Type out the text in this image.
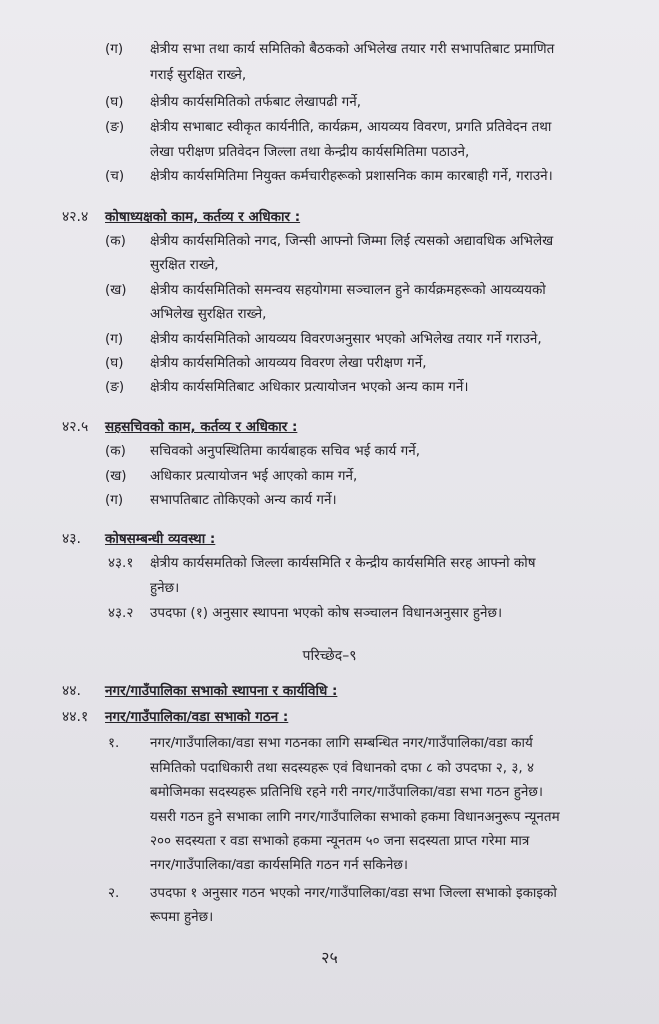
(ग) क्षेत्रीय सभा तथा कार्य समितिको बैठकको अभिलेख तयार गरी सभापतिबाट प्रमाणित
गराई सुरक्षित राख्ने,
(घ) क्षेत्रीय कार्यसमितिको तर्फबाट लेखापढी गर्ने,
(ङ) क्षेत्रीय सभाबाट स्वीकृत कार्यनीति, कार्यक्रम, आयव्यय विवरण, प्रगति प्रतिवेदन तथा
लेखा परीक्षण प्रतिवेदन जिल्ला तथा केन्द्रीय कार्यसमितिमा पठाउने,
(च) क्षेत्रीय कार्यसमितिमा नियुक्त कर्मचारीहरूको प्रशासनिक काम कारबाही गर्ने, गराउने।
४२.४ कोषाध्यक्षको काम, कर्तव्य र अधिकार :
(क) क्षेत्रीय कार्यसमितिको नगद, जिन्सी आफ्नो जिम्मा लिई त्यसको अद्यावधिक अभिलेख
सुरक्षित राख्ने,
(ख) क्षेत्रीय कार्यसमितिको समन्वय सहयोगमा सञ्चालन हुने कार्यक्रमहरूको आयव्ययको
अभिलेख सुरक्षित राख्ने,
(ग) क्षेत्रीय कार्यसमितिको आयव्यय विवरणअनुसार भएको अभिलेख तयार गर्ने गराउने,
(घ) क्षेत्रीय कार्यसमितिको आयव्यय विवरण लेखा परीक्षण गर्ने,
(ङ) क्षेत्रीय कार्यसमितिबाट अधिकार प्रत्यायोजन भएको अन्य काम गर्ने।
४२.५ सहसचिवको काम, कर्तव्य र अधिकार :
(क) सचिवको अनुपस्थितिमा कार्यबाहक सचिव भई कार्य गर्ने,
(ख) अधिकार प्रत्यायोजन भई आएको काम गर्ने,
(ग) सभापतिबाट तोकिएको अन्य कार्य गर्ने।
४३. कोषसम्बन्धी व्यवस्था :
४३.१ क्षेत्रीय कार्यसमतिको जिल्ला कार्यसमिति र केन्द्रीय कार्यसमिति सरह आफ्नो कोष
हुनेछ।
४३.२ उपदफा (१) अनुसार स्थापना भएको कोष सञ्चालन विधानअनुसार हुनेछ।
परिच्छेद–९
४४. नगर/गाउँपालिका सभाको स्थापना र कार्यविधि :
४४.१ नगर/गाउँपालिका/वडा सभाको गठन :
१. नगर/गाउँपालिका/वडा सभा गठनका लागि सम्बन्धित नगर/गाउँपालिका/वडा कार्य
समितिको पदाधिकारी तथा सदस्यहरू एवं विधानको दफा ८ को उपदफा २, ३, ४
बमोजिमका सदस्यहरू प्रतिनिधि रहने गरी नगर/गाउँपालिका/वडा सभा गठन हुनेछ।
यसरी गठन हुने सभाका लागि नगर/गाउँपालिका सभाको हकमा विधानअनुरूप न्यूनतम
२०० सदस्यता र वडा सभाको हकमा न्यूनतम ५० जना सदस्यता प्राप्त गरेमा मात्र
नगर/गाउँपालिका/वडा कार्यसमिति गठन गर्न सकिनेछ।
२. उपदफा १ अनुसार गठन भएको नगर/गाउँपालिका/वडा सभा जिल्ला सभाको इकाइको
रूपमा हुनेछ।
२५
